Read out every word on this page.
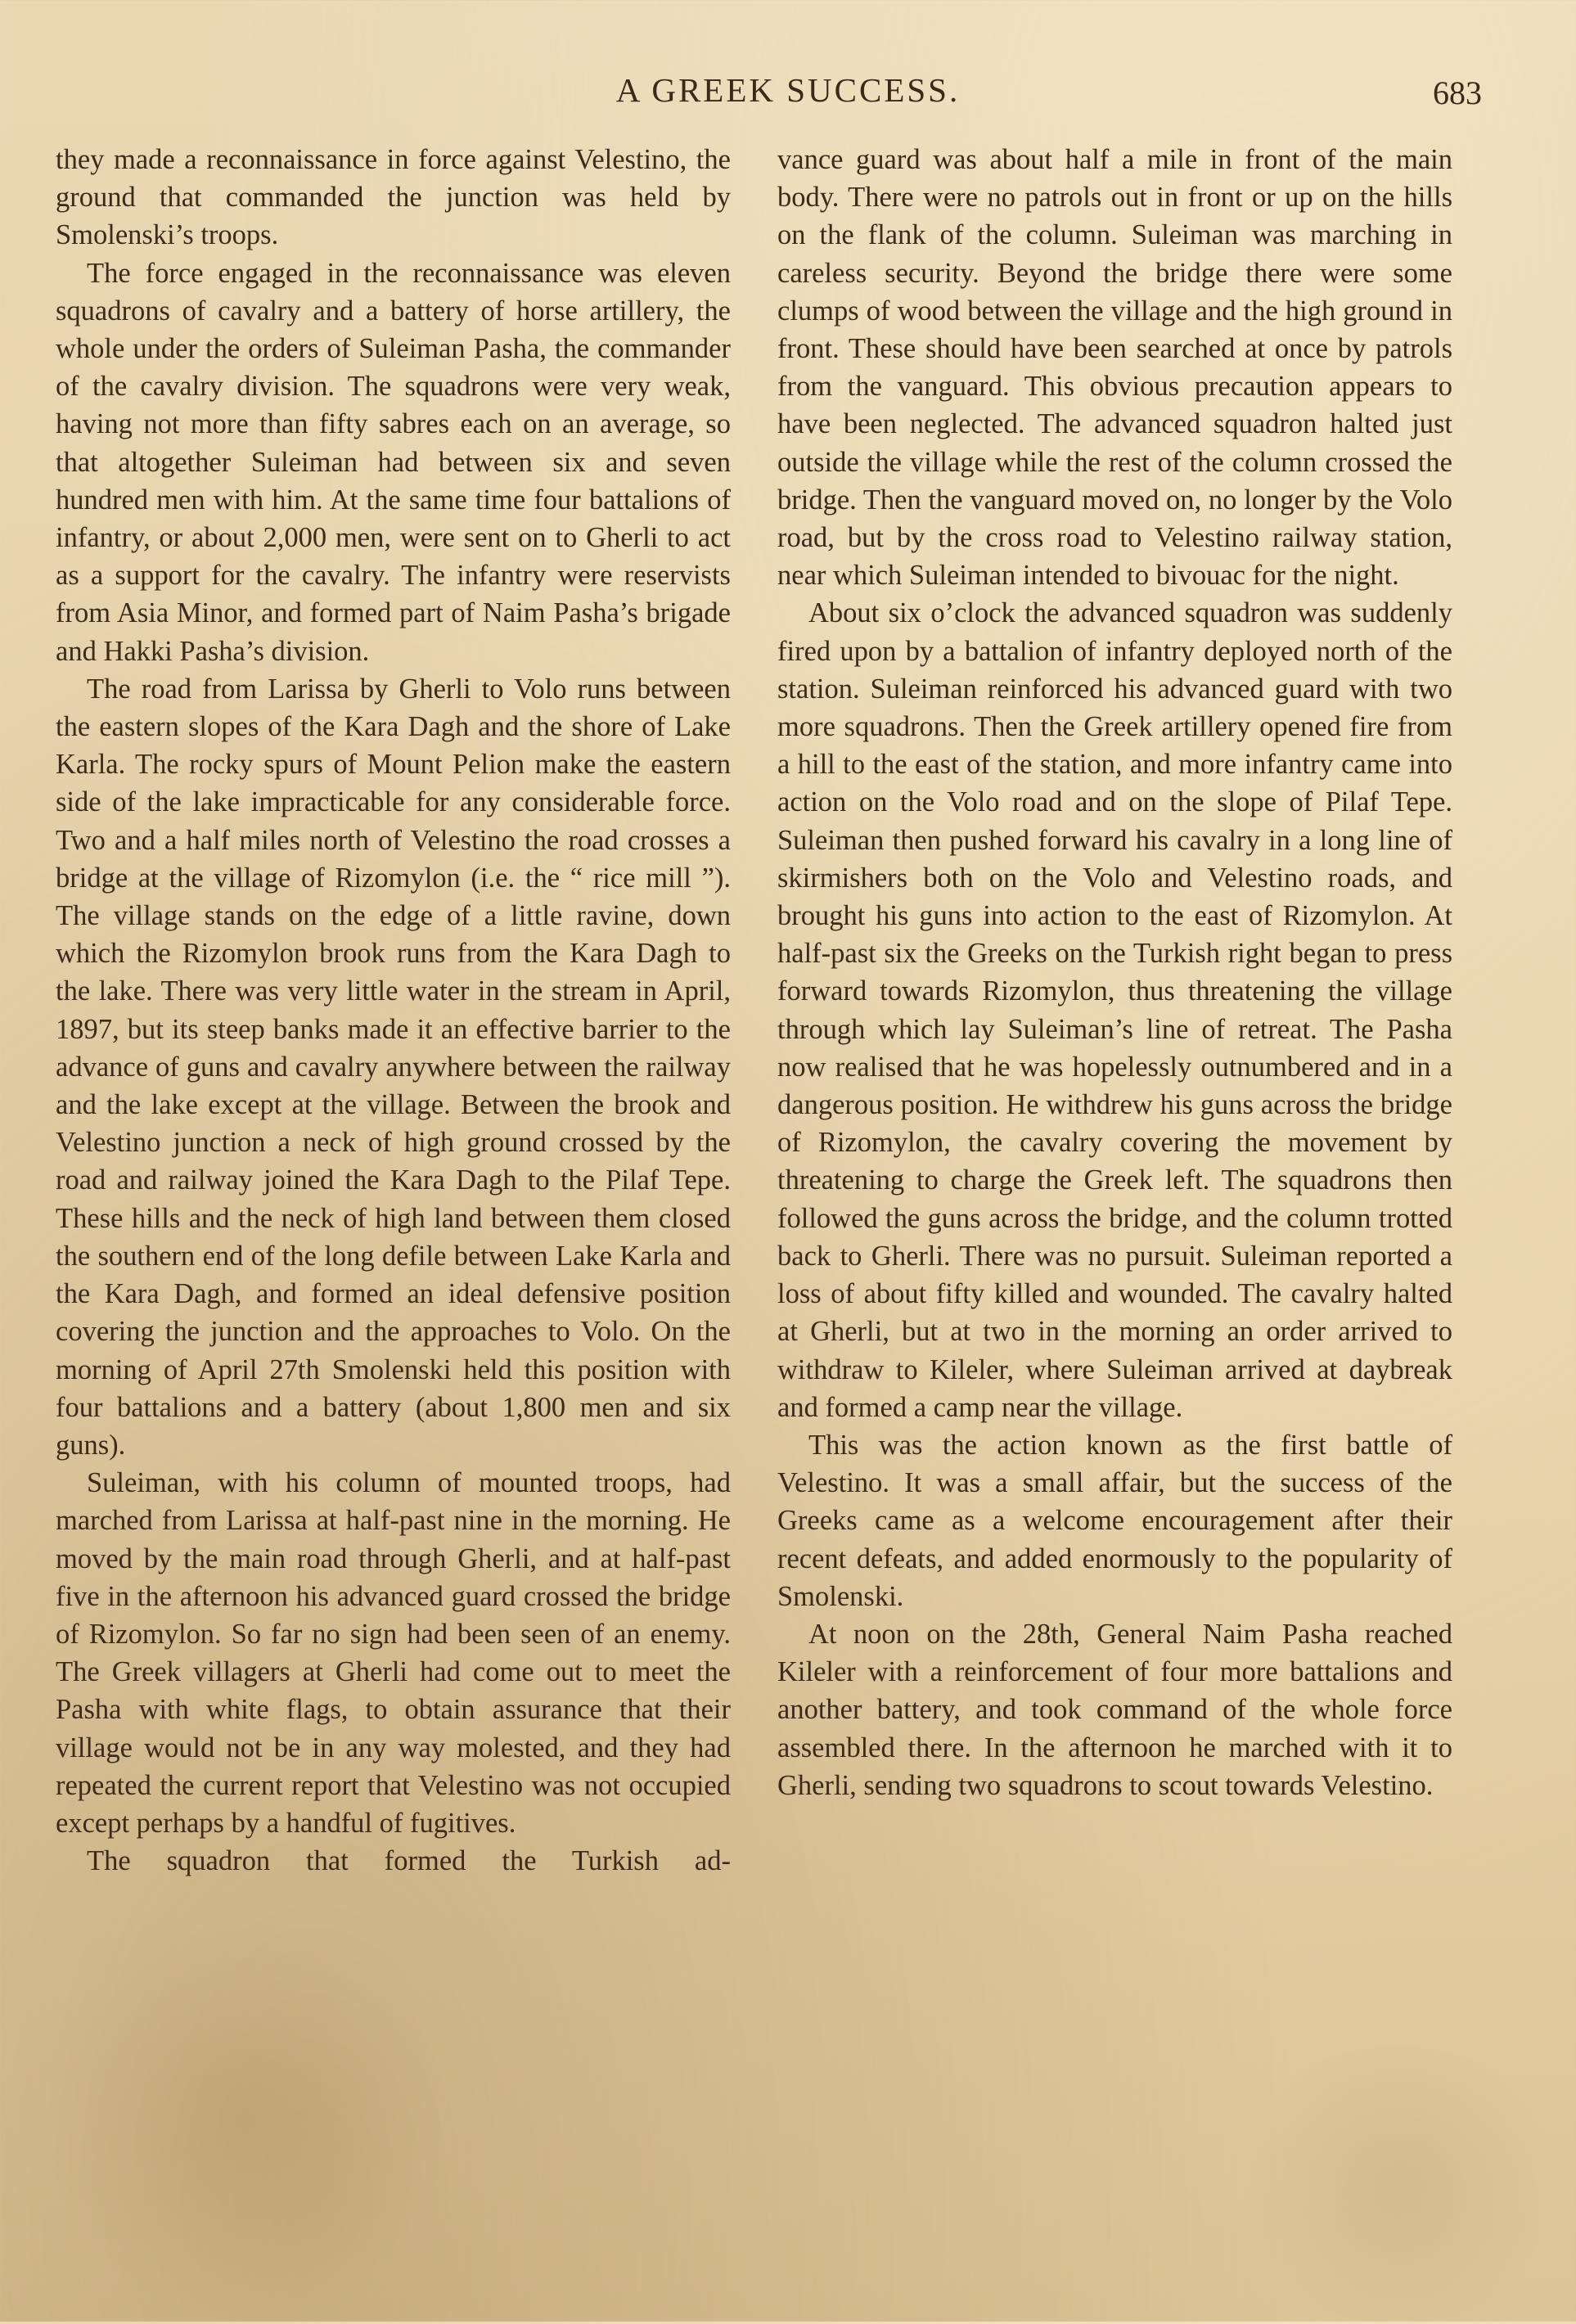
A GREEK SUCCESS.	683

they made a reconnaissance in force against Velestino, the ground that commanded the junction was held by Smolenski’s troops.

The force engaged in the reconnaissance was eleven squadrons of cavalry and a battery of horse artillery, the whole under the orders of Suleiman Pasha, the commander of the cavalry division. The squadrons were very weak, having not more than fifty sabres each on an average, so that altogether Suleiman had between six and seven hundred men with him. At the same time four battalions of infantry, or about 2,000 men, were sent on to Gherli to act as a support for the cavalry. The infantry were reservists from Asia Minor, and formed part of Naim Pasha’s brigade and Hakki Pasha’s division.

The road from Larissa by Gherli to Volo runs between the eastern slopes of the Kara Dagh and the shore of Lake Karla. The rocky spurs of Mount Pelion make the eastern side of the lake impracticable for any considerable force. Two and a half miles north of Velestino the road crosses a bridge at the village of Rizomylon (i.e. the “ rice mill ”). The village stands on the edge of a little ravine, down which the Rizomylon brook runs from the Kara Dagh to the lake. There was very little water in the stream in April, 1897, but its steep banks made it an effective barrier to the advance of guns and cavalry anywhere between the railway and the lake except at the village. Between the brook and Velestino junction a neck of high ground crossed by the road and railway joined the Kara Dagh to the Pilaf Tepe. These hills and the neck of high land between them closed the southern end of the long defile between Lake Karla and the Kara Dagh, and formed an ideal defensive position covering the junction and the approaches to Volo. On the morning of April 27th Smolenski held this position with four battalions and a battery (about 1,800 men and six guns).

Suleiman, with his column of mounted troops, had marched from Larissa at half-past nine in the morning. He moved by the main road through Gherli, and at half-past five in the afternoon his advanced guard crossed the bridge of Rizomylon. So far no sign had been seen of an enemy. The Greek villagers at Gherli had come out to meet the Pasha with white flags, to obtain assurance that their village would not be in any way molested, and they had repeated the current report that Velestino was not occupied except perhaps by a handful of fugitives.

The squadron that formed the Turkish ad-

vance guard was about half a mile in front of the main body. There were no patrols out in front or up on the hills on the flank of the column. Suleiman was marching in careless security. Beyond the bridge there were some clumps of wood between the village and the high ground in front. These should have been searched at once by patrols from the vanguard. This obvious precaution appears to have been neglected. The advanced squadron halted just outside the village while the rest of the column crossed the bridge. Then the vanguard moved on, no longer by the Volo road, but by the cross road to Velestino railway station, near which Suleiman intended to bivouac for the night.

About six o’clock the advanced squadron was suddenly fired upon by a battalion of infantry deployed north of the station. Suleiman reinforced his advanced guard with two more squadrons. Then the Greek artillery opened fire from a hill to the east of the station, and more infantry came into action on the Volo road and on the slope of Pilaf Tepe. Suleiman then pushed forward his cavalry in a long line of skirmishers both on the Volo and Velestino roads, and brought his guns into action to the east of Rizomylon. At half-past six the Greeks on the Turkish right began to press forward towards Rizomylon, thus threatening the village through which lay Suleiman’s line of retreat. The Pasha now realised that he was hopelessly outnumbered and in a dangerous position. He withdrew his guns across the bridge of Rizomylon, the cavalry covering the movement by threatening to charge the Greek left. The squadrons then followed the guns across the bridge, and the column trotted back to Gherli. There was no pursuit. Suleiman reported a loss of about fifty killed and wounded. The cavalry halted at Gherli, but at two in the morning an order arrived to withdraw to Kileler, where Suleiman arrived at daybreak and formed a camp near the village.

This was the action known as the first battle of Velestino. It was a small affair, but the success of the Greeks came as a welcome encouragement after their recent defeats, and added enormously to the popularity of Smolenski.

At noon on the 28th, General Naim Pasha reached Kileler with a reinforcement of four more battalions and another battery, and took command of the whole force assembled there. In the afternoon he marched with it to Gherli, sending two squadrons to scout towards Velestino.
